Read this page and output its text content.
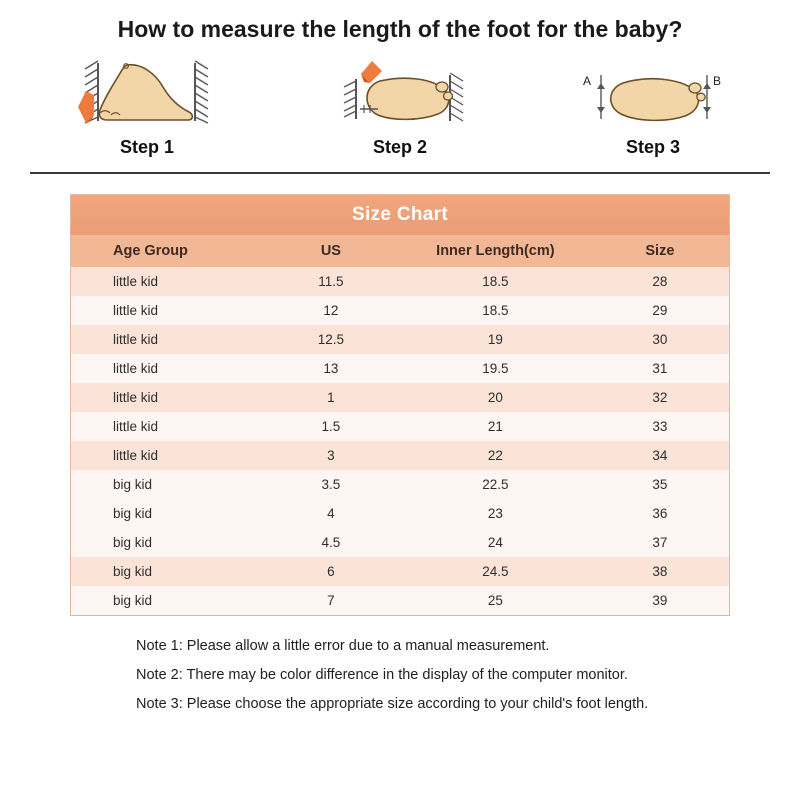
How to measure the length of the foot for the baby?
Step 1	Step 2
A	B
Step 3
Size Chart
Age Group	US	Inner Length(cm)	Size
little kid	11.5	18.5	28
little kid	12	18.5	29
little kid	12.5	19	30
little kid	13	19.5	31
little kid	1	20	32
little kid	1.5	21	33
little kid	3	22	34
big kid	3.5	22.5	35
big kid	4	23	36
big kid	4.5	24	37
big kid	6	24.5	38
big kid	7	25	39
Note 1: Please allow a little error due to a manual measurement.
Note 2: There may be color difference in the display of the computer monitor.
Note 3: Please choose the appropriate size according to your child's foot length.
